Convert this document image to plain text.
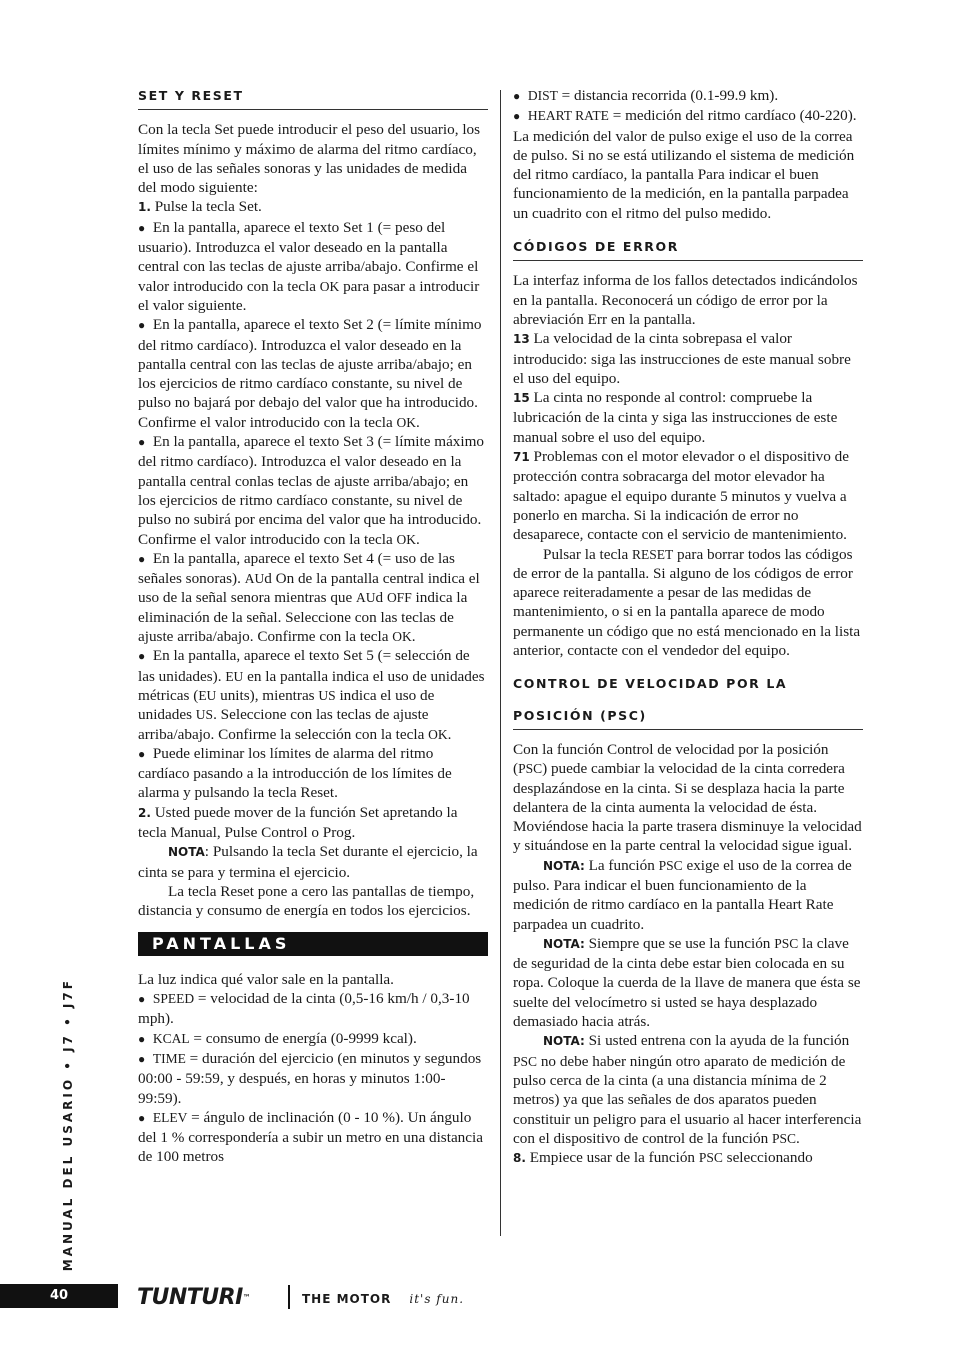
SET Y RESET

Con la tecla Set puede introducir el peso del usuario, los límites mínimo y máximo de alarma del ritmo cardíaco, el uso de las señales sonoras y las unidades de medida del modo siguiente:

1. Pulse la tecla Set.

● En la pantalla, aparece el texto Set 1 (= peso del usuario). Introduzca el valor deseado en la pantalla central con las teclas de ajuste arriba/abajo. Confirme el valor introducido con la tecla OK para pasar a introducir el valor siguiente.

● En la pantalla, aparece el texto Set 2 (= límite mínimo del ritmo cardíaco). Introduzca el valor deseado en la pantalla central con las teclas de ajuste arriba/abajo; en los ejercicios de ritmo cardíaco constante, su nivel de pulso no bajará por debajo del valor que ha introducido. Confirme el valor introducido con la tecla OK.

● En la pantalla, aparece el texto Set 3 (= límite máximo del ritmo cardíaco). Introduzca el valor deseado en la pantalla central conlas teclas de ajuste arriba/abajo; en los ejercicios de ritmo cardíaco constante, su nivel de pulso no subirá por encima del valor que ha introducido. Confirme el valor introducido con la tecla OK.

● En la pantalla, aparece el texto Set 4 (= uso de las señales sonoras). AUd On de la pantalla central indica el uso de la señal senora mientras que AUd OFF indica la eliminación de la señal. Seleccione con las teclas de ajuste arriba/abajo. Confirme con la tecla OK.

● En la pantalla, aparece el texto Set 5 (= selección de las unidades). EU en la pantalla indica el uso de unidades métricas (EU units), mientras US indica el uso de unidades US. Seleccione con las teclas de ajuste arriba/abajo. Confirme la selección con la tecla OK.

● Puede eliminar los límites de alarma del ritmo cardíaco pasando a la introducción de los límites de alarma y pulsando la tecla Reset.

2. Usted puede mover de la función Set apretando la tecla Manual, Pulse Control o Prog.

NOTA: Pulsando la tecla Set durante el ejercicio, la cinta se para y termina el ejercicio.

La tecla Reset pone a cero las pantallas de tiempo, distancia y consumo de energía en todos los ejercicios.

PANTALLAS

La luz indica qué valor sale en la pantalla.

● SPEED = velocidad de la cinta (0,5-16 km/h / 0,3-10 mph).

● KCAL = consumo de energía (0-9999 kcal).

● TIME = duración del ejercicio (en minutos y segundos 00:00 - 59:59, y después, en horas y minutos 1:00-99:59).

● ELEV = ángulo de inclinación (0 - 10 %). Un ángulo del 1 % correspondería a subir un metro en una distancia de 100 metros

● DIST = distancia recorrida (0.1-99.9 km).

● HEART RATE = medición del ritmo cardíaco (40-220). La medición del valor de pulso exige el uso de la correa de pulso. Si no se está utilizando el sistema de medición del ritmo cardíaco, la pantalla Para indicar el buen funcionamiento de la medición, en la pantalla parpadea un cuadrito con el ritmo del pulso medido.

CÓDIGOS DE ERROR

La interfaz informa de los fallos detectados indicándolos en la pantalla. Reconocerá un código de error por la abreviación Err en la pantalla.

13 La velocidad de la cinta sobrepasa el valor introducido: siga las instrucciones de este manual sobre el uso del equipo.

15 La cinta no responde al control: compruebe la lubricación de la cinta y siga las instrucciones de este manual sobre el uso del equipo.

71 Problemas con el motor elevador o el dispositivo de protección contra sobracarga del motor elevador ha saltado: apague el equipo durante 5 minutos y vuelva a ponerlo en marcha. Si la indicación de error no desaparece, contacte con el servicio de mantenimiento.

Pulsar la tecla RESET para borrar todos las códigos de error de la pantalla. Si alguno de los códigos de error aparece reiteradamente a pesar de las medidas de mantenimiento, o si en la pantalla aparece de modo permanente un código que no está mencionado en la lista anterior, contacte con el vendedor del equipo.

CONTROL DE VELOCIDAD POR LA
POSICIÓN (PSC)

Con la función Control de velocidad por la posición (PSC) puede cambiar la velocidad de la cinta corredera desplazándose en la cinta. Si se desplaza hacia la parte delantera de la cinta aumenta la velocidad de ésta. Moviéndose hacia la parte trasera disminuye la velocidad y situándose en la parte central la velocidad sigue igual.

NOTA: La función PSC exige el uso de la correa de pulso. Para indicar el buen funcionamiento de la medición de ritmo cardíaco en la pantalla Heart Rate parpadea un cuadrito.

NOTA: Siempre que se use la función PSC la clave de seguridad de la cinta debe estar bien colocada en su ropa. Coloque la cuerda de la llave de manera que ésta se suelte del velocímetro si usted se haya desplazado demasiado hacia atrás.

NOTA: Si usted entrena con la ayuda de la función PSC no debe haber ningún otro aparato de medición de pulso cerca de la cinta (a una distancia mínima de 2 metros) ya que las señales de dos aparatos pueden constituir un peligro para el usuario al hacer interferencia con el dispositivo de control de la función PSC.

8. Empiece usar de la función PSC seleccionando

MANUAL DEL USARIO • J7 • J7F
40	TUNTURI ™	THE MOTOR it's fun.
